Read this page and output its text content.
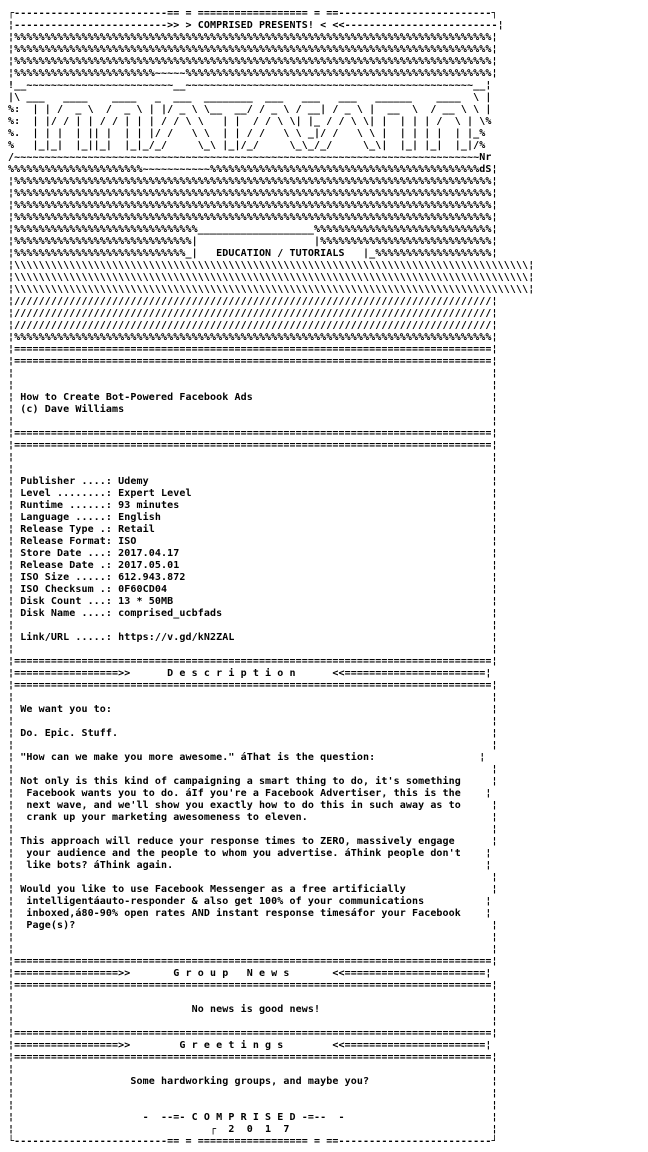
┌-------------------------== = ================== = ==-------------------------┐
¦------------------------->> > COMPRISED PRESENTS! < <<-------------------------¦
¦%%%%%%%%%%%%%%%%%%%%%%%%%%%%%%%%%%%%%%%%%%%%%%%%%%%%%%%%%%%%%%%%%%%%%%%%%%%%%%¦
¦%%%%%%%%%%%%%%%%%%%%%%%%%%%%%%%%%%%%%%%%%%%%%%%%%%%%%%%%%%%%%%%%%%%%%%%%%%%%%%¦
¦%%%%%%%%%%%%%%%%%%%%%%%%%%%%%%%%%%%%%%%%%%%%%%%%%%%%%%%%%%%%%%%%%%%%%%%%%%%%%%¦
¦%%%%%%%%%%%%%%%%%%%%%%%~~~~~%%%%%%%%%%%%%%%%%%%%%%%%%%%%%%%%%%%%%%%%%%%%%%%%%%¦
!__~~~~~~~~~~~~~~~~~~~~~~~~__~~~~~~~~~~~~~~~~~~~~~~~~~~~~~~~~~~~~~~~~~~~~~~~__¦
|\ ___   ____    ____   _  ___  ________  ___   ___   ___   ______    ____  \ |
%:  | | /  _ \  /  _ \ | |/ _ \ \__  __/ / _ \ / __| / _ \ |  __  \  / __ \ \ |
%:  | |/ / | | / / | | | / / \ \   | |  / / \ \| |_ / / \ \| |  | | | /  \ | \%
%.  | | |  | || |  | | |/ /   \ \  | | / /   \ \ _|/ /   \ \ |  | | | |  | |_%
%   |_|_|  |_||_|  |_|_/_/     \_\ |_|/_/     \_\_/_/     \_\|  |_| |_|  |_|/%
/~~~~~~~~~~~~~~~~~~~~~~~~~~~~~~~~~~~~~~~~~~~~~~~~~~~~~~~~~~~~~~~~~~~~~~~~~~~~Nr
%%%%%%%%%%%%%%%%%%%%%%~~~~~~~~~~~%%%%%%%%%%%%%%%%%%%%%%%%%%%%%%%%%%%%%%%%%%%%dS¦
¦%%%%%%%%%%%%%%%%%%%%%%%%%%%%%%%%%%%%%%%%%%%%%%%%%%%%%%%%%%%%%%%%%%%%%%%%%%%%%%¦
¦%%%%%%%%%%%%%%%%%%%%%%%%%%%%%%%%%%%%%%%%%%%%%%%%%%%%%%%%%%%%%%%%%%%%%%%%%%%%%%¦
¦%%%%%%%%%%%%%%%%%%%%%%%%%%%%%%%%%%%%%%%%%%%%%%%%%%%%%%%%%%%%%%%%%%%%%%%%%%%%%%¦
¦%%%%%%%%%%%%%%%%%%%%%%%%%%%%%%%%%%%%%%%%%%%%%%%%%%%%%%%%%%%%%%%%%%%%%%%%%%%%%%¦
¦%%%%%%%%%%%%%%%%%%%%%%%%%%%%%%___________________%%%%%%%%%%%%%%%%%%%%%%%%%%%%%¦
¦%%%%%%%%%%%%%%%%%%%%%%%%%%%%%|                   |%%%%%%%%%%%%%%%%%%%%%%%%%%%%¦
¦%%%%%%%%%%%%%%%%%%%%%%%%%%%%_|   EDUCATION / TUTORIALS   |_%%%%%%%%%%%%%%%%%%%¦
¦\\\\\\\\\\\\\\\\\\\\\\\\\\\\\\\\\\\\\\\\\\\\\\\\\\\\\\\\\\\\\\\\\\\\\\\\\\\\\\\\\\\\¦
¦\\\\\\\\\\\\\\\\\\\\\\\\\\\\\\\\\\\\\\\\\\\\\\\\\\\\\\\\\\\\\\\\\\\\\\\\\\\\\\\\\\\\¦
¦\\\\\\\\\\\\\\\\\\\\\\\\\\\\\\\\\\\\\\\\\\\\\\\\\\\\\\\\\\\\\\\\\\\\\\\\\\\\\\\\\\\\¦
¦//////////////////////////////////////////////////////////////////////////////¦
¦//////////////////////////////////////////////////////////////////////////////¦
¦//////////////////////////////////////////////////////////////////////////////¦
¦%%%%%%%%%%%%%%%%%%%%%%%%%%%%%%%%%%%%%%%%%%%%%%%%%%%%%%%%%%%%%%%%%%%%%%%%%%%%%%¦
¦==============================================================================¦
¦==============================================================================¦
¦                                                                              ¦
¦                                                                              ¦
¦ How to Create Bot-Powered Facebook Ads                                       ¦
¦ (c) Dave Williams                                                            ¦
¦                                                                              ¦
¦==============================================================================¦
¦==============================================================================¦
¦                                                                              ¦
¦                                                                              ¦
¦ Publisher ....: Udemy                                                        ¦
¦ Level ........: Expert Level                                                 ¦
¦ Runtime ......: 93 minutes                                                   ¦
¦ Language .....: English                                                      ¦
¦ Release Type .: Retail                                                       ¦
¦ Release Format: ISO                                                          ¦
¦ Store Date ...: 2017.04.17                                                   ¦
¦ Release Date .: 2017.05.01                                                   ¦
¦ ISO Size .....: 612.943.872                                                  ¦
¦ ISO Checksum .: 0F60CD04                                                     ¦
¦ Disk Count ...: 13 * 50MB                                                    ¦
¦ Disk Name ....: comprised_ucbfads                                            ¦
¦                                                                              ¦
¦ Link/URL .....: https://v.gd/kN2ZAL                                          ¦
¦                                                                              ¦
¦==============================================================================¦
¦=================>>      D e s c r i p t i o n      <<=======================¦
¦==============================================================================¦
¦                                                                              ¦
¦ We want you to:                                                              ¦
¦                                                                              ¦
¦ Do. Epic. Stuff.                                                             ¦
¦                                                                              ¦
¦ "How can we make you more awesome." áThat is the question:                 ¦
¦                                                                              ¦
¦ Not only is this kind of campaigning a smart thing to do, it's something     ¦
¦  Facebook wants you to do. áIf you're a Facebook Advertiser, this is the    ¦
¦  next wave, and we'll show you exactly how to do this in such away as to     ¦
¦  crank up your marketing awesomeness to eleven.                              ¦
¦                                                                              ¦
¦ This approach will reduce your response times to ZERO, massively engage      ¦
¦  your audience and the people to whom you advertise. áThink people don't    ¦
¦  like bots? áThink again.                                                   ¦
¦                                                                              ¦
¦ Would you like to use Facebook Messenger as a free artificially              ¦
¦  intelligentáauto-responder & also get 100% of your communications          ¦
¦  inboxed,á80-90% open rates AND instant response timesáfor your Facebook    ¦
¦  Page(s)?                                                                    ¦
¦                                                                              ¦
¦                                                                              ¦
¦==============================================================================¦
¦=================>>       G r o u p   N e w s       <<=======================¦
¦==============================================================================¦
¦                                                                              ¦
¦                             No news is good news!                            ¦
¦                                                                              ¦
¦==============================================================================¦
¦=================>>        G r e e t i n g s        <<=======================¦
¦==============================================================================¦
¦                                                                              ¦
¦                   Some hardworking groups, and maybe you?                    ¦
¦                                                                              ¦
¦                                                                              ¦
¦                     -  --=- C O M P R I S E D -=--  -                        ¦
¦                                ┌  2  0  1  7                                 ¦
└-------------------------== = ================== = ==-------------------------┘
